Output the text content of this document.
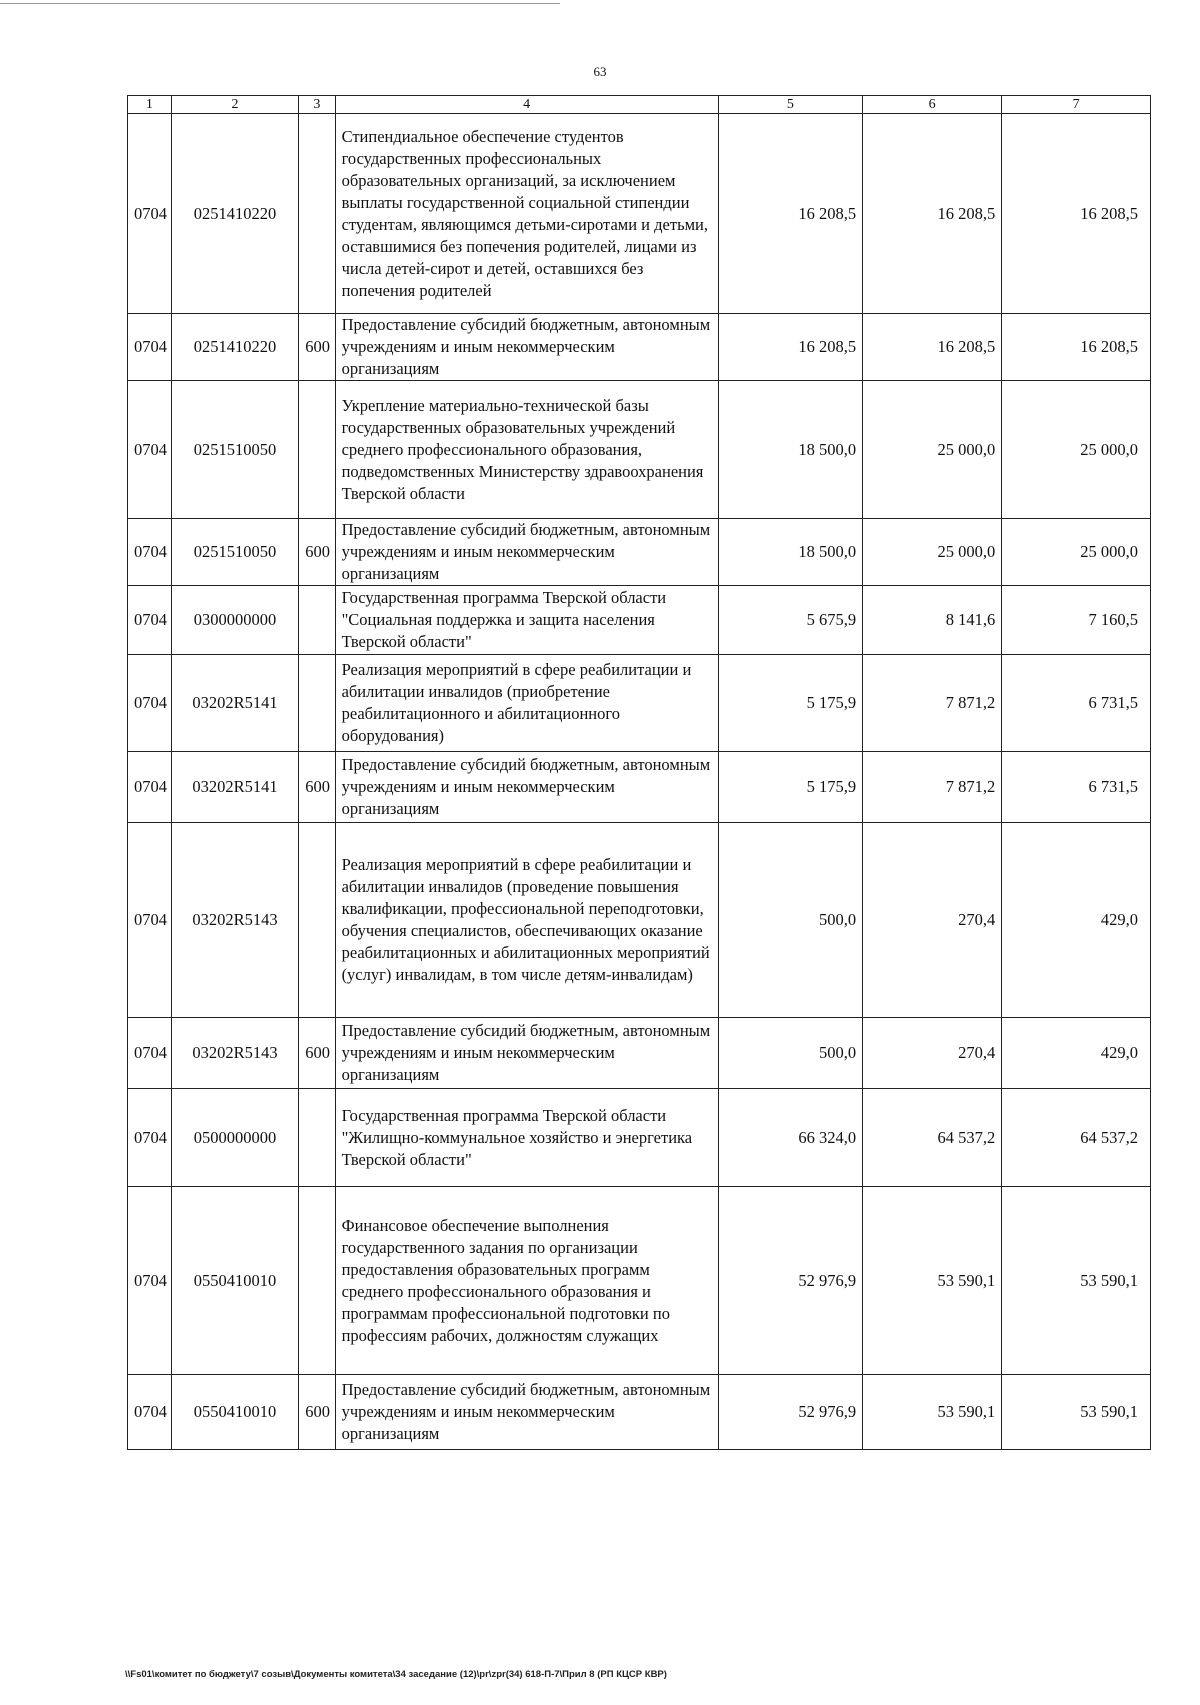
63
1	2	3	4	5	6	7
0704	0251410220		Стипендиальное обеспечение студентов государственных профессиональных образовательных организаций, за исключением выплаты государственной социальной стипендии студентам, являющимся детьми-сиротами и детьми, оставшимися без попечения родителей, лицами из числа детей-сирот и детей, оставшихся без попечения родителей	16 208,5	16 208,5	16 208,5
0704	0251410220	600	Предоставление субсидий бюджетным, автономным учреждениям и иным некоммерческим организациям	16 208,5	16 208,5	16 208,5
0704	0251510050		Укрепление материально-технической базы государственных образовательных учреждений среднего профессионального образования, подведомственных Министерству здравоохранения Тверской области	18 500,0	25 000,0	25 000,0
0704	0251510050	600	Предоставление субсидий бюджетным, автономным учреждениям и иным некоммерческим организациям	18 500,0	25 000,0	25 000,0
0704	0300000000		Государственная программа Тверской области "Социальная поддержка и защита населения Тверской области"	5 675,9	8 141,6	7 160,5
0704	03202R5141		Реализация мероприятий в сфере реабилитации и абилитации инвалидов (приобретение реабилитационного и абилитационного оборудования)	5 175,9	7 871,2	6 731,5
0704	03202R5141	600	Предоставление субсидий бюджетным, автономным учреждениям и иным некоммерческим организациям	5 175,9	7 871,2	6 731,5
0704	03202R5143		Реализация мероприятий в сфере реабилитации и абилитации инвалидов (проведение повышения квалификации, профессиональной переподготовки, обучения специалистов, обеспечивающих оказание реабилитационных и абилитационных мероприятий (услуг) инвалидам, в том числе детям-инвалидам)	500,0	270,4	429,0
0704	03202R5143	600	Предоставление субсидий бюджетным, автономным учреждениям и иным некоммерческим организациям	500,0	270,4	429,0
0704	0500000000		Государственная программа Тверской области "Жилищно-коммунальное хозяйство и энергетика Тверской области"	66 324,0	64 537,2	64 537,2
0704	0550410010		Финансовое обеспечение выполнения государственного задания по организации предоставления образовательных программ среднего профессионального образования и программам профессиональной подготовки по профессиям рабочих, должностям служащих	52 976,9	53 590,1	53 590,1
0704	0550410010	600	Предоставление субсидий бюджетным, автономным учреждениям и иным некоммерческим организациям	52 976,9	53 590,1	53 590,1
\\Fs01\комитет по бюджету\7 созыв\Документы комитета\34 заседание (12)\pr\zpr(34) 618-П-7\Прил 8 (РП КЦСР КВР)
